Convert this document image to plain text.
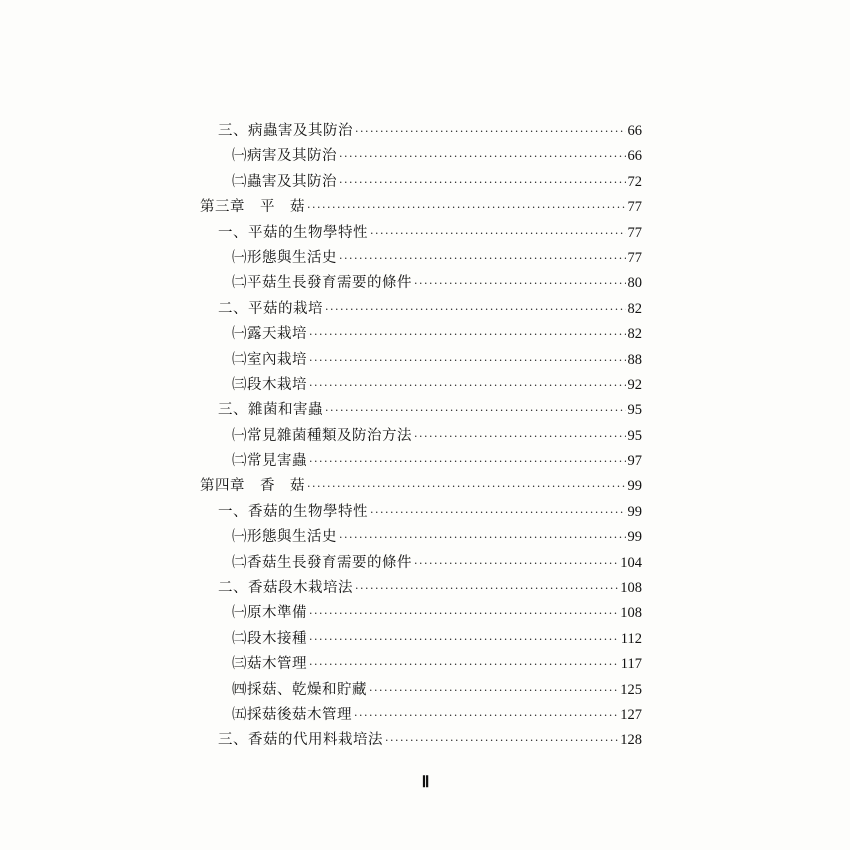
三、病蟲害及其防治 ·····	66
㈠病害及其防治 ·····	66
㈡蟲害及其防治 ·····	72
第三章　平　菇 ·····	77
一、平菇的生物學特性 ·····	77
㈠形態與生活史 ·····	77
㈡平菇生長發育需要的條件 ·····	80
二、平菇的栽培 ·····	82
㈠露天栽培 ·····	82
㈡室內栽培 ·····	88
㈢段木栽培 ·····	92
三、雜菌和害蟲 ·····	95
㈠常見雜菌種類及防治方法 ·····	95
㈡常見害蟲 ·····	97
第四章　香　菇 ·····	99
一、香菇的生物學特性 ·····	99
㈠形態與生活史 ·····	99
㈡香菇生長發育需要的條件 ·····	104
二、香菇段木栽培法 ·····	108
㈠原木準備 ·····	108
㈡段木接種 ·····	112
㈢菇木管理 ·····	117
㈣採菇、乾燥和貯藏 ·····	125
㈤採菇後菇木管理 ·····	127
三、香菇的代用料栽培法 ·····	128
Ⅱ
